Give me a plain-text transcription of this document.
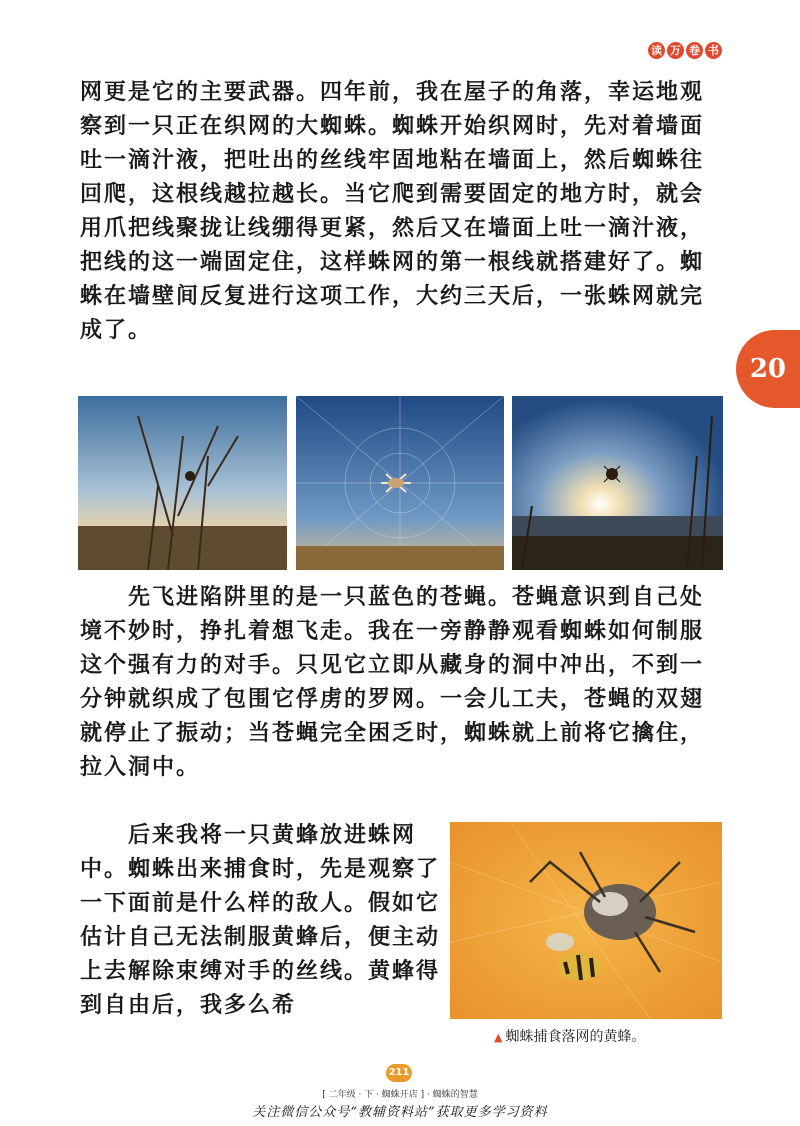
读 万 卷 书

网更是它的主要武器。四年前，我在屋子的角落，幸运地观察到一只正在织网的大蜘蛛。蜘蛛开始织网时，先对着墙面吐一滴汁液，把吐出的丝线牢固地粘在墙面上，然后蜘蛛往回爬，这根线越拉越长。当它爬到需要固定的地方时，就会用爪把线聚拢让线绷得更紧，然后又在墙面上吐一滴汁液，把线的这一端固定住，这样蛛网的第一根线就搭建好了。蜘蛛在墙壁间反复进行这项工作，大约三天后，一张蛛网就完成了。

20

先飞进陷阱里的是一只蓝色的苍蝇。苍蝇意识到自己处境不妙时，挣扎着想飞走。我在一旁静静观看蜘蛛如何制服这个强有力的对手。只见它立即从藏身的洞中冲出，不到一分钟就织成了包围它俘虏的罗网。一会儿工夫，苍蝇的双翅就停止了振动；当苍蝇完全困乏时，蜘蛛就上前将它擒住，拉入洞中。

后来我将一只黄蜂放进蛛网中。蜘蛛出来捕食时，先是观察了一下面前是什么样的敌人。假如它估计自己无法制服黄蜂后，便主动上去解除束缚对手的丝线。黄蜂得到自由后，我多么希

▲ 蜘蛛捕食落网的黄蜂。
211
[ 二年级 · 下 · 蜘蛛开店 ] · 蜘蛛的智慧
关注微信公众号“教辅资料站”获取更多学习资料
